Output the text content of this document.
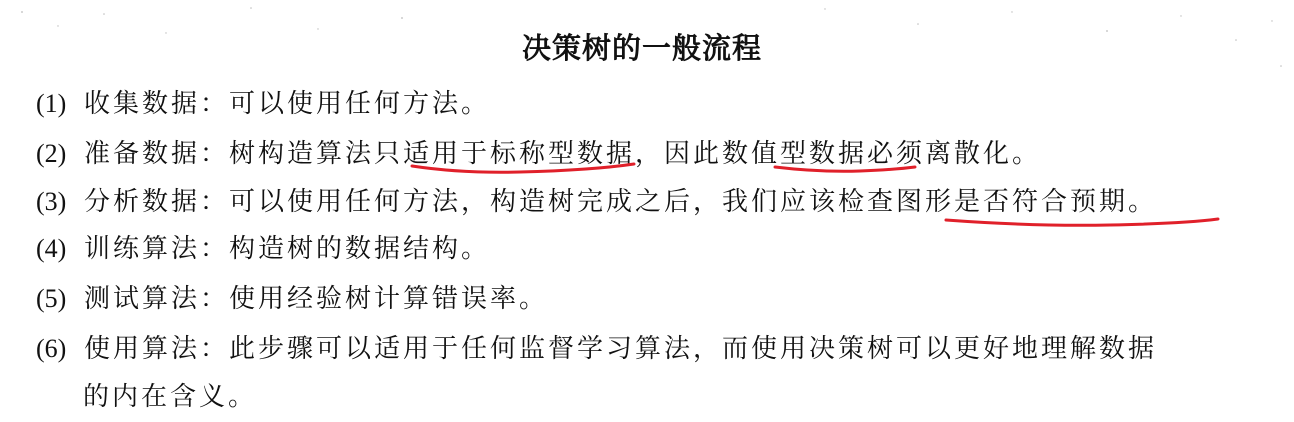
决策树的一般流程
(1) 收集数据：可以使用任何方法。
(2) 准备数据：树构造算法只适用于标称型数据，因此数值型数据必须离散化。
(3) 分析数据：可以使用任何方法，构造树完成之后，我们应该检查图形是否符合预期。
(4) 训练算法：构造树的数据结构。
(5) 测试算法：使用经验树计算错误率。
(6) 使用算法：此步骤可以适用于任何监督学习算法，而使用决策树可以更好地理解数据
的内在含义。
